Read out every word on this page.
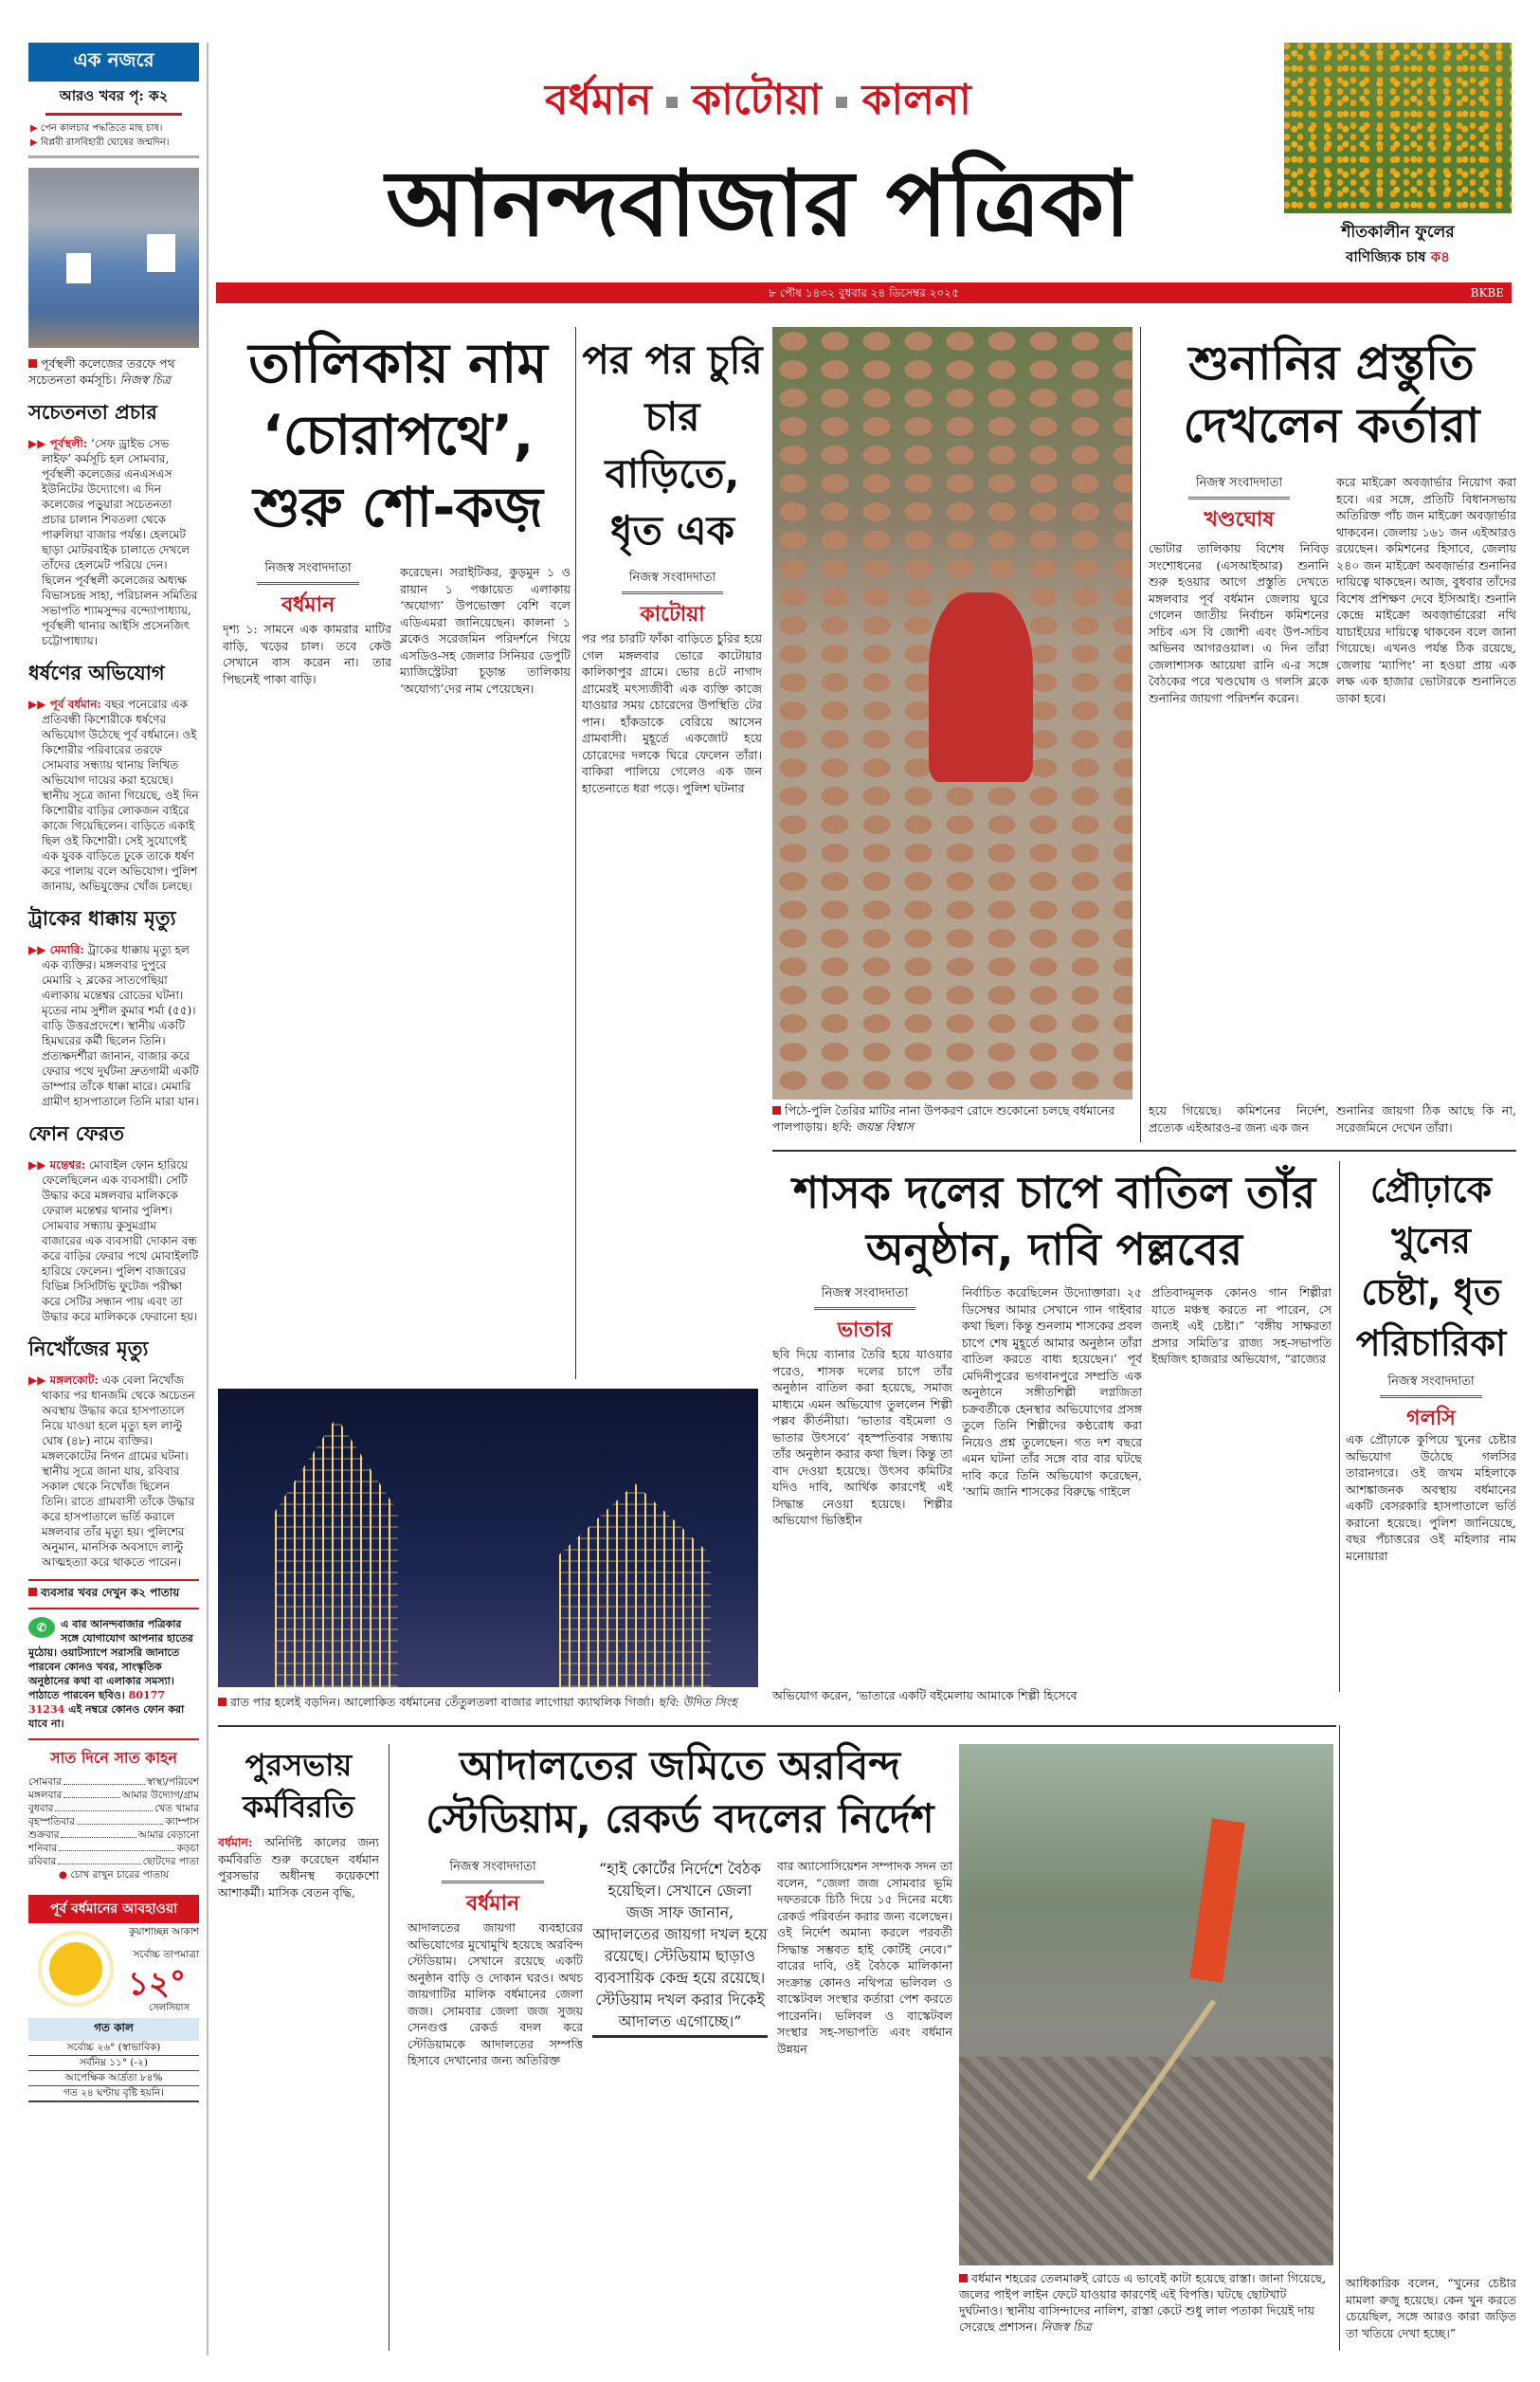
এক নজরে
আরও খবর পৃ: ক২
▶ পেন কালচার পদ্ধতিতে মাছ চাষ।
▶ বিপ্লবী রাসবিহারী ঘোষের জন্মদিন।
পূর্বস্থলী কলেজের তরফে পথ সচেতনতা কর্মসূচি। নিজস্ব চিত্র
সচেতনতা প্রচার
▶▶ পূর্বস্থলী: ‘সেফ ড্রাইভ সেভ লাইফ’ কর্মসূচি হল সোমবার, পূর্বস্থলী কলেজের এনএসএস ইউনিটের উদ্যোগে। এ দিন কলেজের পড়ুয়ারা সচেতনতা প্রচার চালান শিবতলা থেকে পারুলিয়া বাজার পর্যন্ত। হেলমেট ছাড়া মোটরবাইক চালাতে দেখলে তাঁদের হেলমেট পরিয়ে দেন। ছিলেন পূর্বস্থলী কলেজের অধ্যক্ষ বিভাসচন্দ্র সাহা, পরিচালন সমিতির সভাপতি শ্যামসুন্দর বন্দ্যোপাধ্যায়, পূর্বস্থলী থানার আইসি প্রসেনজিৎ চট্টোপাধ্যায়।
ধর্ষণের অভিযোগ
▶▶ পূর্ব বর্ধমান: বছর পনেরোর এক প্রতিবন্ধী কিশোরীকে ধর্ষণের অভিযোগ উঠেছে পূর্ব বর্ধমানে। ওই কিশোরীর পরিবারের তরফে সোমবার সন্ধ্যায় থানায় লিখিত অভিযোগ দায়ের করা হয়েছে। স্থানীয় সূত্রে জানা গিয়েছে, ওই দিন কিশোরীর বাড়ির লোকজন বাইরে কাজে গিয়েছিলেন। বাড়িতে একাই ছিল ওই কিশোরী। সেই সুযোগেই এক যুবক বাড়িতে ঢুকে তাকে ধর্ষণ করে পালায় বলে অভিযোগ। পুলিশ জানায়, অভিযুক্তের খোঁজ চলছে।
ট্রাকের ধাক্কায় মৃত্যু
▶▶ মেমারি: ট্রাকের ধাক্কায় মৃত্যু হল এক ব্যক্তির। মঙ্গলবার দুপুরে মেমারি ২ ব্লকের সাতগেছিয়া এলাকায় মন্তেশ্বর রোডের ঘটনা। মৃতের নাম সুশীল কুমার শর্মা (৫৫)। বাড়ি উত্তরপ্রদেশে। স্থানীয় একটি হিমঘরের কর্মী ছিলেন তিনি। প্রত্যক্ষদর্শীরা জানান, বাজার করে ফেরার পথে দুর্ঘটনা দ্রুতগামী একটি ডাম্পার তাঁকে ধাক্কা মারে। মেমারি গ্রামীণ হাসপাতালে তিনি মারা যান।
ফোন ফেরত
▶▶ মন্তেশ্বর: মোবাইল ফোন হারিয়ে ফেলেছিলেন এক ব্যবসায়ী। সেটি উদ্ধার করে মঙ্গলবার মালিককে ফেরাল মন্তেশ্বর থানার পুলিশ। সোমবার সন্ধ্যায় কুসুমগ্রাম বাজারের এক ব্যবসায়ী দোকান বন্ধ করে বাড়ির ফেরার পথে মোবাইলটি হারিয়ে ফেলেন। পুলিশ বাজারের বিভিন্ন সিসিটিভি ফুটেজ পরীক্ষা করে সেটির সন্ধান পায় এবং তা উদ্ধার করে মালিককে ফেরানো হয়।
নিখোঁজের মৃত্যু
▶▶ মঙ্গলকোট: এক বেলা নিখোঁজ থাকার পর ধানজমি থেকে অচেতন অবস্থায় উদ্ধার করে হাসপাতালে নিয়ে যাওয়া হলে মৃত্যু হল লাল্টু ঘোষ (৪৮) নামে ব্যক্তির। মঙ্গলকোটের নিগন গ্রামের ঘটনা। স্থানীয় সূত্রে জানা যায়, রবিবার সকাল থেকে নিখোঁজ ছিলেন তিনি। রাতে গ্রামবাসী তাঁকে উদ্ধার করে হাসপাতালে ভর্তি করালে মঙ্গলবার তাঁর মৃত্যু হয়। পুলিশের অনুমান, মানসিক অবসাদে লাল্টু আত্মহত্যা করে থাকতে পারেন।
ব্যবসার খবর দেখুন ক২ পাতায়
✆	এ বার আনন্দবাজার পত্রিকার সঙ্গে যোগাযোগ আপনার হাতের মুঠোয়। ওয়াটস্যাপে সরাসরি জানাতে পারবেন কোনও খবর, সাংস্কৃতিক অনুষ্ঠানের কথা বা এলাকার সমস্যা। পাঠাতে পারবেন ছবিও। 80177 31234 এই নম্বরে কোনও ফোন করা যাবে না।
সাত দিনে সাত কাহন
সোমবার	স্বাস্থ্য/পরিবেশ
মঙ্গলবার	আমার উদ্যোগ/গ্রাম
বুধবার	খেত খামার
বৃহস্পতিবার	ক্যাম্পাস
শুক্রবার	আমার বেড়ানো
শনিবার	কড়চা
রবিবার	ছোটদের পাতা
● চোখ রাখুন চারের পাতায়
পূর্ব বর্ধমানের আবহাওয়া
কুয়াশাচ্ছন্ন আকাশ
সর্বোচ্চ তাপমাত্রা
১২°
সেলসিয়াস
গত কাল
সর্বোচ্চ ২৬° (স্বাভাবিক)
সর্বনিম্ন ১১° (-২)
আপেক্ষিক আর্দ্রতা ৮৪%
গত ২৪ ঘণ্টায় বৃষ্টি হয়নি।
বর্ধমান কাটোয়া কালনা
আনন্দবাজার পত্রিকা	শীতকালীন ফুলের
বাণিজ্যিক চাষ ক৪
৮ পৌষ ১৪৩২ বুধবার ২৪ ডিসেম্বর ২০২৫	BKBE
তালিকায় নাম ‘চোরাপথে’, শুরু শো-কজ়
নিজস্ব সংবাদদাতা
বর্ধমান
দৃশ্য ১: সামনে এক কামরার মাটির বাড়ি, খড়ের চাল। তবে কেউ সেখানে বাস করেন না। তার পিছনেই পাকা বাড়ি।
করেছেন। সরাইটিকর, কুড়মুন ১ ও রায়ান ১ পঞ্চায়েত এলাকায় ‘অযোগ্য’ উপভোক্তা বেশি বলে এডিএমরা জানিয়েছেন। কালনা ১ ব্লকেও সরেজমিন পরিদর্শনে গিয়ে এসডিও-সহ জেলার সিনিয়র ডেপুটি ম্যাজিস্ট্রেটরা চূড়ান্ত তালিকায় ‘অযোগ্য’দের নাম পেয়েছেন।
পর পর চুরি চার বাড়িতে, ধৃত এক
নিজস্ব সংবাদদাতা
কাটোয়া
পর পর চারটি ফাঁকা বাড়িতে চুরির হয়ে গেল মঙ্গলবার ভোরে কাটোয়ার কালিকাপুর গ্রামে। ভোর ৪টে নাগাদ গ্রামেরই মৎস্যজীবী এক ব্যক্তি কাজে যাওয়ার সময় চোরেদের উপস্থিতি টের পান। হাঁকডাকে বেরিয়ে আসেন গ্রামবাসী। মুহূর্তে একজোট হয়ে চোরেদের দলকে ঘিরে ফেলেন তাঁরা। বাকিরা পালিয়ে গেলেও এক জন হাতেনাতে ধরা পড়ে। পুলিশ ঘটনার
পিঠে-পুলি তৈরির মাটির নানা উপকরণ রোদে শুকোনো চলছে বর্ধমানের পালপাড়ায়। ছবি: জয়ন্ত বিশ্বাস
শুনানির প্রস্তুতি দেখলেন কর্তারা
নিজস্ব সংবাদদাতা
খণ্ডঘোষ
ভোটার তালিকায় বিশেষ নিবিড় সংশোধনের (এসআইআর) শুনানি শুরু হওয়ার আগে প্রস্তুতি দেখতে মঙ্গলবার পূর্ব বর্ধমান জেলায় ঘুরে গেলেন জাতীয় নির্বাচন কমিশনের সচিব এস বি জোশী এবং উপ-সচিব অভিনব আগরওয়াল। এ দিন তাঁরা জেলাশাসক আয়েষা রানি এ-র সঙ্গে বৈঠকের পরে খণ্ডঘোষ ও গলসি ব্লকে শুনানির জায়গা পরিদর্শন করেন।
করে মাইক্রো অবজ়ার্ভার নিয়োগ করা হবে। এর সঙ্গে, প্রতিটি বিধানসভায় অতিরিক্ত পাঁচ জন মাইক্রো অবজ়ার্ভার থাকবেন। জেলায় ১৬১ জন এইআরও রয়েছেন। কমিশনের হিসাবে, জেলায় ২৪০ জন মাইক্রো অবজ়ার্ভার শুনানির দায়িত্বে থাকছেন। আজ, বুধবার তাঁদের বিশেষ প্রশিক্ষণ দেবে ইসিআই। শুনানি কেন্দ্রে মাইক্রো অবজ়ার্ভারেরা নথি যাচাইয়ের দায়িত্বে থাকবেন বলে জানা গিয়েছে। এখনও পর্যন্ত ঠিক রয়েছে, জেলায় ‘ম্যাপিং’ না হওয়া প্রায় এক লক্ষ এক হাজার ভোটারকে শুনানিতে ডাকা হবে।
হয়ে গিয়েছে। কমিশনের নির্দেশ, প্রত্যেক এইআরও-র জন্য এক জন
শুনানির জায়গা ঠিক আছে কি না, সরেজমিনে দেখেন তাঁরা।
শাসক দলের চাপে বাতিল তাঁর অনুষ্ঠান, দাবি পল্লবের
নিজস্ব সংবাদদাতা
ভাতার
ছবি দিয়ে ব্যানার তৈরি হয়ে যাওয়ার পরেও, শাসক দলের চাপে তাঁর অনুষ্ঠান বাতিল করা হয়েছে, সমাজ মাধ্যমে এমন অভিযোগ তুললেন শিল্পী পল্লব কীর্তনীয়া। ‘ভাতার বইমেলা ও ভাতার উৎসবে’ বৃহস্পতিবার সন্ধ্যায় তাঁর অনুষ্ঠান করার কথা ছিল। কিন্তু তা বাদ দেওয়া হয়েছে। উৎসব কমিটির যদিও দাবি, আর্থিক কারণেই এই সিদ্ধান্ত নেওয়া হয়েছে। শিল্পীর অভিযোগ ভিত্তিহীন
নির্বাচিত করেছিলেন উদ্যোক্তারা। ২৫ ডিসেম্বর আমার সেখানে গান গাইবার কথা ছিল। কিন্তু শুনলাম শাসকের প্রবল চাপে শেষ মুহূর্তে আমার অনুষ্ঠান তাঁরা বাতিল করতে বাধ্য হয়েছেন।’ পূর্ব মেদিনীপুরের ভগবানপুরে সম্প্রতি এক অনুষ্ঠানে সঙ্গীতশিল্পী লগ্নজিতা চক্রবর্তীকে হেনস্থার অভিযোগের প্রসঙ্গ তুলে তিনি শিল্পীদের কণ্ঠরোধ করা নিয়েও প্রশ্ন তুলেছেন। গত দশ বছরে এমন ঘটনা তাঁর সঙ্গে বার বার ঘটছে দাবি করে তিনি অভিযোগ করেছেন, ‘আমি জানি শাসকের বিরুদ্ধে গাইলে
প্রতিবাদমূলক কোনও গান শিল্পীরা যাতে মঞ্চস্থ করতে না পারেন, সে জন্যই এই চেষ্টা।” ‘বঙ্গীয় সাক্ষরতা প্রসার সমিতি’র রাজ্য সহ-সভাপতি ইন্দ্রজিৎ হাজরার অভিযোগ, “রাজ্যের
রাত পার হলেই বড়দিন। আলোকিত বর্ধমানের তেঁতুলতলা বাজার লাগোয়া ক্যাথলিক গির্জা। ছবি: উদিত সিংহ	অভিযোগ করেন, ‘ভাতারে একটি বইমেলায় আমাকে শিল্পী হিসেবে
প্রৌঢ়াকে খুনের চেষ্টা, ধৃত পরিচারিকা
নিজস্ব সংবাদদাতা
গলসি
এক প্রৌঢ়াকে কুপিয়ে খুনের চেষ্টার অভিযোগ উঠেছে গলসির তারানগরে। ওই জখম মহিলাকে আশঙ্কাজনক অবস্থায় বর্ধমানের একটি বেসরকারি হাসপাতালে ভর্তি করানো হয়েছে। পুলিশ জানিয়েছে, বছর পঁচাত্তরের ওই মহিলার নাম মনোয়ারা
আধিকারিক বলেন, “খুনের চেষ্টার মামলা রুজু হয়েছে। কেন খুন করতে চেয়েছিল, সঙ্গে আরও কারা জড়িত তা খতিয়ে দেখা হচ্ছে।”
পুরসভায় কর্মবিরতি
বর্ধমান: অনির্দিষ্ট কালের জন্য কর্মবিরতি শুরু করেছেন বর্ধমান পুরসভার অধীনস্থ কয়েকশো আশাকর্মী। মাসিক বেতন বৃদ্ধি,
আদালতের জমিতে অরবিন্দ স্টেডিয়াম, রেকর্ড বদলের নির্দেশ
নিজস্ব সংবাদদাতা
বর্ধমান
আদালতের জায়গা ব্যবহারের অভিযোগের মুখোমুখি হয়েছে অরবিন্দ স্টেডিয়াম। সেখানে রয়েছে একটি অনুষ্ঠান বাড়ি ও দোকান ঘরও। অথচ জায়গাটির মালিক বর্ধমানের জেলা জজ। সোমবার জেলা জজ সুজয় সেনগুপ্ত রেকর্ড বদল করে স্টেডিয়ামকে আদালতের সম্পত্তি হিসাবে দেখানোর জন্য অতিরিক্ত
“হাই কোর্টের নির্দেশে বৈঠক হয়েছিল। সেখানে জেলা জজ সাফ জানান, আদালতের জায়গা দখল হয়ে রয়েছে। স্টেডিয়াম ছাড়াও ব্যবসায়িক কেন্দ্র হয়ে রয়েছে। স্টেডিয়াম দখল করার দিকেই আদালত এগোচ্ছে।”
বার অ্যাসোসিয়েশন সম্পাদক সদন তা বলেন, “জেলা জজ সোমবার ভূমি দফতরকে চিঠি দিয়ে ১৫ দিনের মধ্যে রেকর্ড পরিবর্তন করার জন্য বলেছেন। ওই নির্দেশ অমান্য করলে পরবর্তী সিদ্ধান্ত সম্ভবত হাই কোর্টই নেবে।” বারের দাবি, ওই বৈঠকে মালিকানা সংক্রান্ত কোনও নথিপত্র ভলিবল ও বাস্কেটবল সংস্থার কর্তারা পেশ করতে পারেননি। ভলিবল ও বাস্কেটবল সংস্থার সহ-সভাপতি এবং বর্ধমান উন্নয়ন
বর্ধমান শহরের তেলমারুই রোডে এ ভাবেই কাটা হয়েছে রাস্তা। জানা গিয়েছে, জলের পাইপ লাইন ফেটে যাওয়ার কারণেই এই বিপত্তি। ঘটছে ছোটখাট দুর্ঘটনাও। স্থানীয় বাসিন্দাদের নালিশ, রাস্তা কেটে শুধু লাল পতাকা দিয়েই দায় সেরেছে প্রশাসন। নিজস্ব চিত্র
